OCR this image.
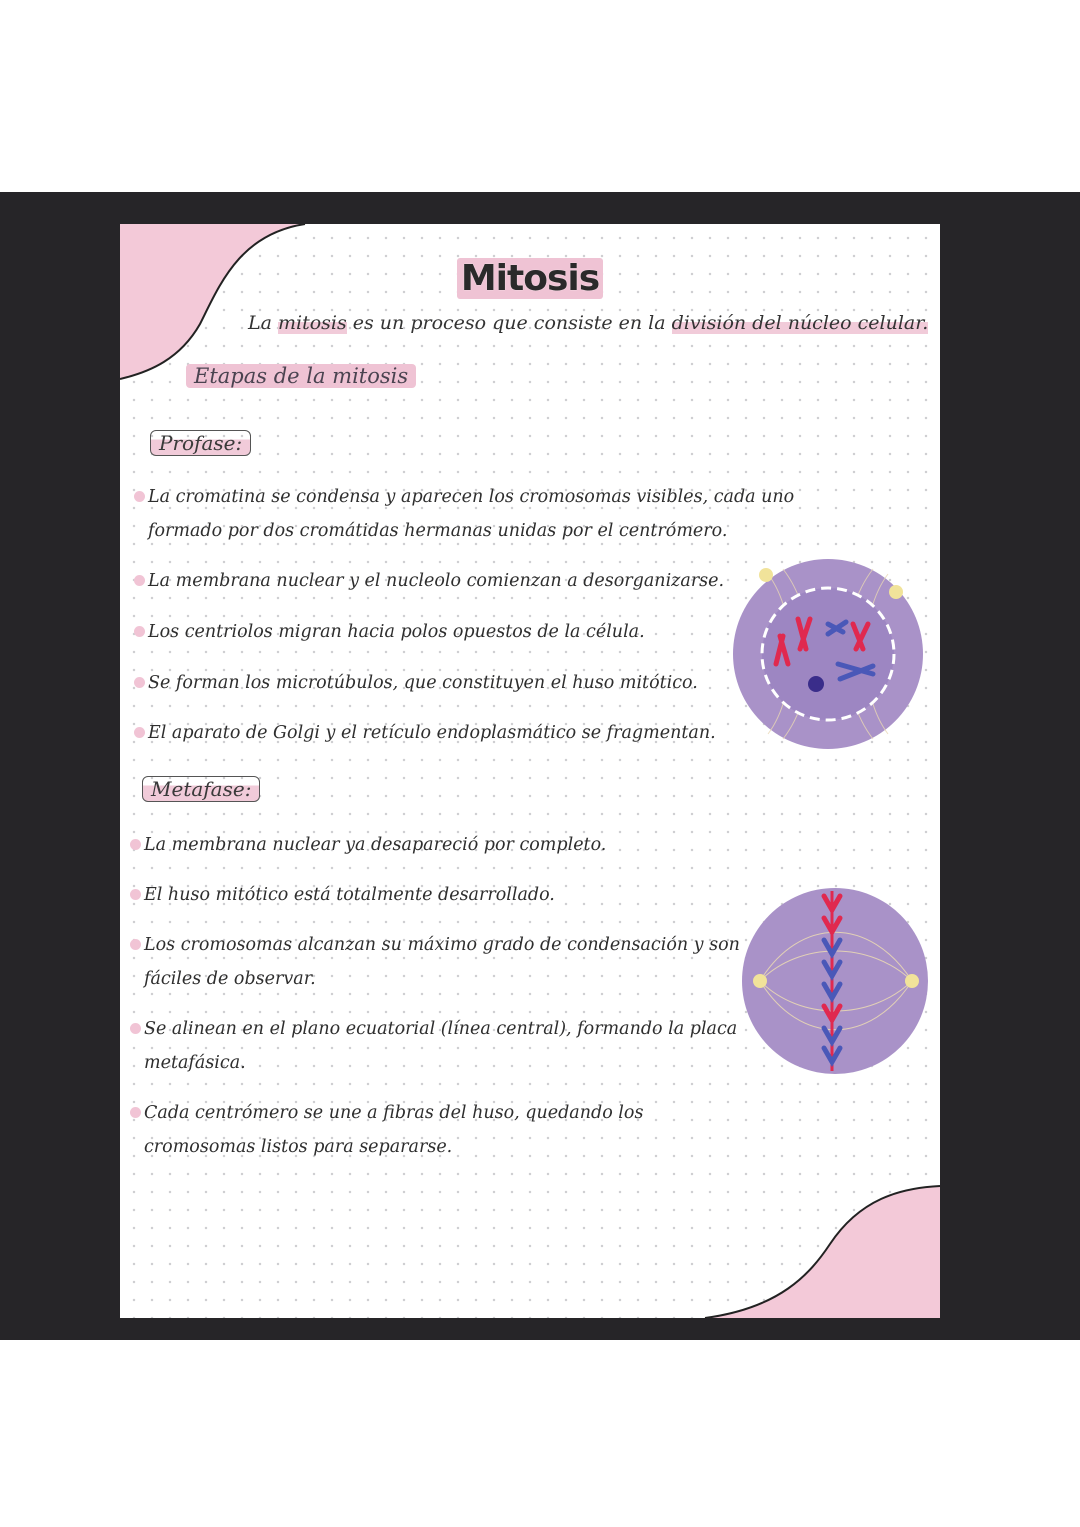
Mitosis
La mitosis es un proceso que consiste en la división del núcleo celular.
Etapas de la mitosis
Profase:
La cromatina se condensa y aparecen los cromosomas visibles, cada uno formado por dos cromátidas hermanas unidas por el centrómero.
La membrana nuclear y el nucleolo comienzan a desorganizarse.
Los centriolos migran hacia polos opuestos de la célula.
Se forman los microtúbulos, que constituyen el huso mitótico.
El aparato de Golgi y el retículo endoplasmático se fragmentan.
Metafase:
La membrana nuclear ya desapareció por completo.
El huso mitótico está totalmente desarrollado.
Los cromosomas alcanzan su máximo grado de condensación y son fáciles de observar.
Se alinean en el plano ecuatorial (línea central), formando la placa metafásica.
Cada centrómero se une a fibras del huso, quedando los cromosomas listos para separarse.
